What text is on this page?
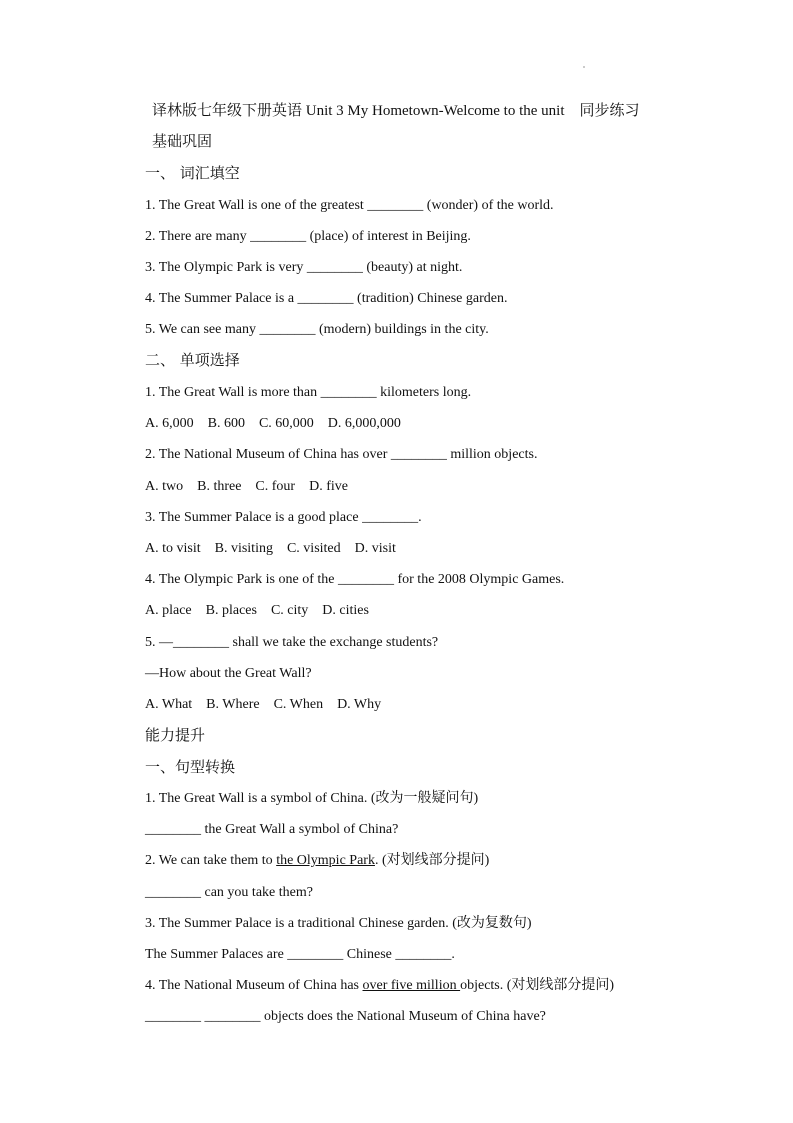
译林版七年级下册英语 Unit 3 My Hometown-Welcome to the unit    同步练习
基础巩固
一、 词汇填空
1. The Great Wall is one of the greatest ________ (wonder) of the world.
2. There are many ________ (place) of interest in Beijing.
3. The Olympic Park is very ________ (beauty) at night.
4. The Summer Palace is a ________ (tradition) Chinese garden.
5. We can see many ________ (modern) buildings in the city.
二、 单项选择
1. The Great Wall is more than ________ kilometers long.
A. 6,000    B. 600    C. 60,000    D. 6,000,000
2. The National Museum of China has over ________ million objects.
A. two    B. three    C. four    D. five
3. The Summer Palace is a good place ________.
A. to visit    B. visiting    C. visited    D. visit
4. The Olympic Park is one of the ________ for the 2008 Olympic Games.
A. place    B. places    C. city    D. cities
5. —________ shall we take the exchange students?
—How about the Great Wall?
A. What    B. Where    C. When    D. Why
能力提升
一、句型转换
1. The Great Wall is a symbol of China. (改为一般疑问句)
________ the Great Wall a symbol of China?
2. We can take them to the Olympic Park. (对划线部分提问)
________ can you take them?
3. The Summer Palace is a traditional Chinese garden. (改为复数句)
The Summer Palaces are ________ Chinese ________.
4. The National Museum of China has over five million objects. (对划线部分提问)
________ ________ objects does the National Museum of China have?
